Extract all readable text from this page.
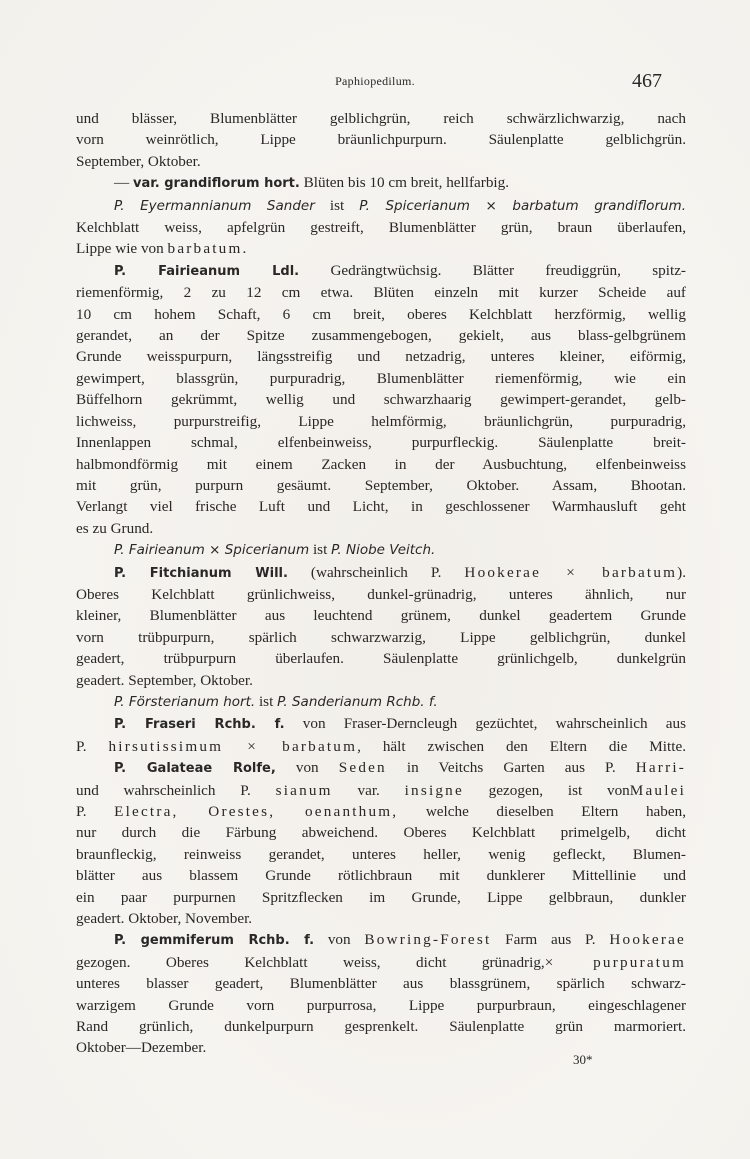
Paphiopedilum.	467
und blässer, Blumenblätter gelblichgrün, reich schwärzlichwarzig, nach
vorn weinrötlich, Lippe bräunlichpurpurn. Säulenplatte gelblichgrün.
September, Oktober.
— var. grandiflorum hort. Blüten bis 10 cm breit, hellfarbig.
P. Eyermannianum Sander ist P. Spicerianum × barbatum grandiflorum.
Kelchblatt weiss, apfelgrün gestreift, Blumenblätter grün, braun überlaufen,
Lippe wie von barbatum.
P. Fairieanum Ldl. Gedrängtwüchsig. Blätter freudiggrün, spitz-
riemenförmig, 2 zu 12 cm etwa. Blüten einzeln mit kurzer Scheide auf
10 cm hohem Schaft, 6 cm breit, oberes Kelchblatt herzförmig, wellig
gerandet, an der Spitze zusammengebogen, gekielt, aus blass-gelbgrünem
Grunde weisspurpurn, längsstreifig und netzadrig, unteres kleiner, eiförmig,
gewimpert, blassgrün, purpuradrig, Blumenblätter riemenförmig, wie ein
Büffelhorn gekrümmt, wellig und schwarzhaarig gewimpert-gerandet, gelb-
lichweiss, purpurstreifig, Lippe helmförmig, bräunlichgrün, purpuradrig,
Innenlappen schmal, elfenbeinweiss, purpurfleckig. Säulenplatte breit-
halbmondförmig mit einem Zacken in der Ausbuchtung, elfenbeinweiss
mit grün, purpurn gesäumt. September, Oktober. Assam, Bhootan.
Verlangt viel frische Luft und Licht, in geschlossener Warmhausluft geht
es zu Grund.
P. Fairieanum × Spicerianum ist P. Niobe Veitch.
P. Fitchianum Will. (wahrscheinlich P. Hookerae × barbatum).
Oberes Kelchblatt grünlichweiss, dunkel-grünadrig, unteres ähnlich, nur
kleiner, Blumenblätter aus leuchtend grünem, dunkel geadertem Grunde
vorn trübpurpurn, spärlich schwarzwarzig, Lippe gelblichgrün, dunkel
geadert, trübpurpurn überlaufen. Säulenplatte grünlichgelb, dunkelgrün
geadert. September, Oktober.
P. Försterianum hort. ist P. Sanderianum Rchb. f.
P. Fraseri Rchb. f. von Fraser-Derncleugh gezüchtet, wahrscheinlich aus
P. hirsutissimum × barbatum, hält zwischen den Eltern die Mitte.
P. Galateae Rolfe, von Seden in Veitchs Garten aus P. Harri-
und wahrscheinlich P. sianum var. insigne gezogen, ist vonMaulei
P. Electra, Orestes, oenanthum, welche dieselben Eltern haben,
nur durch die Färbung abweichend. Oberes Kelchblatt primelgelb, dicht
braunfleckig, reinweiss gerandet, unteres heller, wenig gefleckt, Blumen-
blätter aus blassem Grunde rötlichbraun mit dunklerer Mittellinie und
ein paar purpurnen Spritzflecken im Grunde, Lippe gelbbraun, dunkler
geadert. Oktober, November.
P. gemmiferum Rchb. f. von Bowring-Forest Farm aus P. Hookerae
gezogen. Oberes Kelchblatt weiss, dicht grünadrig,× purpuratum
unteres blasser geadert, Blumenblätter aus blassgrünem, spärlich schwarz-
warzigem Grunde vorn purpurrosa, Lippe purpurbraun, eingeschlagener
Rand grünlich, dunkelpurpurn gesprenkelt. Säulenplatte grün marmoriert.
Oktober—Dezember.
30*
